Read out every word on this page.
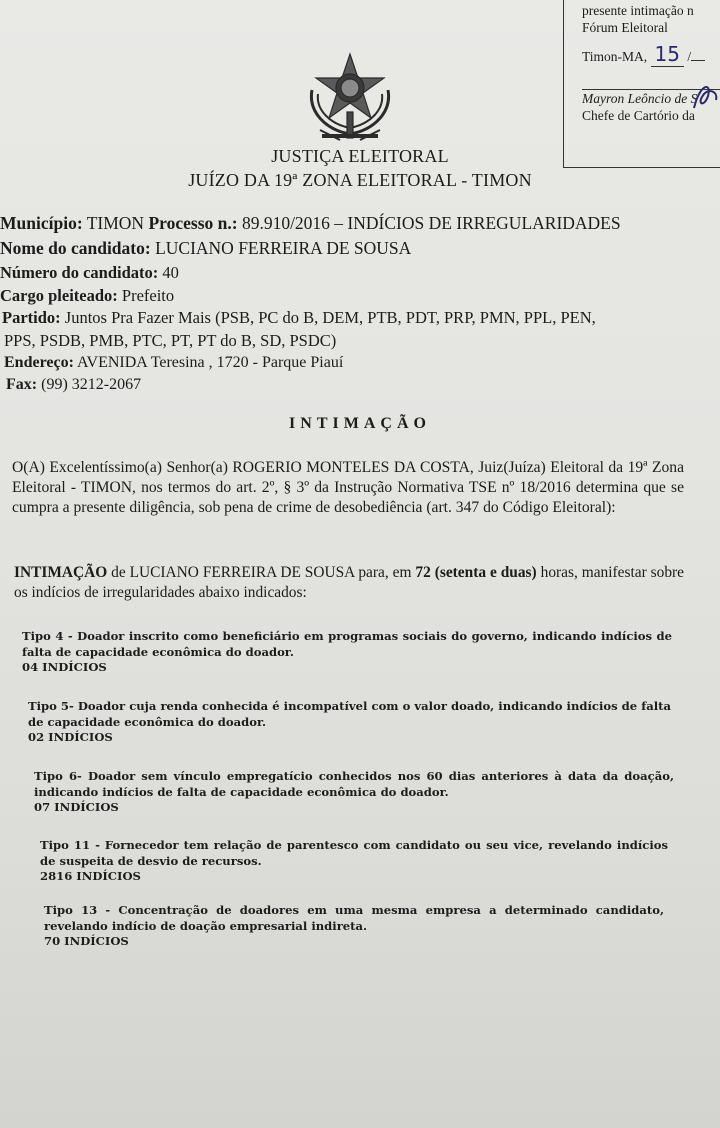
presente intimação n
Fórum Eleitoral
Timon-MA, 15 /
Mayron Leôncio de S
Chefe de Cartório da
JUSTIÇA ELEITORAL
JUÍZO DA 19ª ZONA ELEITORAL - TIMON
Município: TIMON Processo n.: 89.910/2016 – INDÍCIOS DE IRREGULARIDADES
Nome do candidato: LUCIANO FERREIRA DE SOUSA
Número do candidato: 40
Cargo pleiteado: Prefeito
Partido: Juntos Pra Fazer Mais (PSB, PC do B, DEM, PTB, PDT, PRP, PMN, PPL, PEN,
PPS, PSDB, PMB, PTC, PT, PT do B, SD, PSDC)
Endereço: AVENIDA Teresina , 1720 - Parque Piauí
Fax: (99) 3212-2067
INTIMAÇÃO
O(A) Excelentíssimo(a) Senhor(a) ROGERIO MONTELES DA COSTA, Juiz(Juíza) Eleitoral da 19ª Zona Eleitoral - TIMON, nos termos do art. 2º, § 3º da Instrução Normativa TSE nº 18/2016 determina que se cumpra a presente diligência, sob pena de crime de desobediência (art. 347 do Código Eleitoral):
INTIMAÇÃO de LUCIANO FERREIRA DE SOUSA para, em 72 (setenta e duas) horas, manifestar sobre os indícios de irregularidades abaixo indicados:
Tipo 4 - Doador inscrito como beneficiário em programas sociais do governo, indicando indícios de falta de capacidade econômica do doador.
04 INDÍCIOS
Tipo 5- Doador cuja renda conhecida é incompatível com o valor doado, indicando indícios de falta de capacidade econômica do doador.
02 INDÍCIOS
Tipo 6- Doador sem vínculo empregatício conhecidos nos 60 dias anteriores à data da doação, indicando indícios de falta de capacidade econômica do doador.
07 INDÍCIOS
Tipo 11 - Fornecedor tem relação de parentesco com candidato ou seu vice, revelando indícios de suspeita de desvio de recursos.
2816 INDÍCIOS
Tipo 13 - Concentração de doadores em uma mesma empresa a determinado candidato, revelando indício de doação empresarial indireta.
70 INDÍCIOS
